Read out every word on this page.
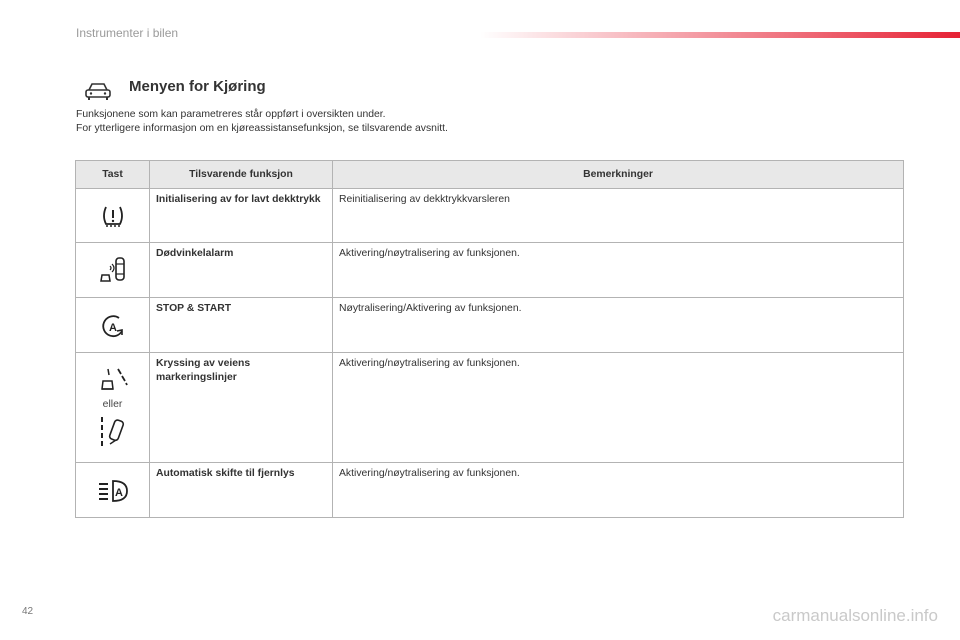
Instrumenter i bilen
Menyen for Kjøring
Funksjonene som kan parametreres står oppført i oversikten under.
For ytterligere informasjon om en kjøreassistansefunksjon, se tilsvarende avsnitt.
Tast	Tilsvarende funksjon	Bemerkninger

	Initialisering av for lavt dekktrykk	Reinitialisering av dekktrykkvarsleren

	Dødvinkelalarm	Aktivering/nøytralisering av funksjonen.

A	STOP & START	Nøytralisering/Aktivering av funksjonen.

eller	Kryssing av veiens markeringslinjer	Aktivering/nøytralisering av funksjonen.

A	Automatisk skifte til fjernlys	Aktivering/nøytralisering av funksjonen.
42	carmanualsonline.info
